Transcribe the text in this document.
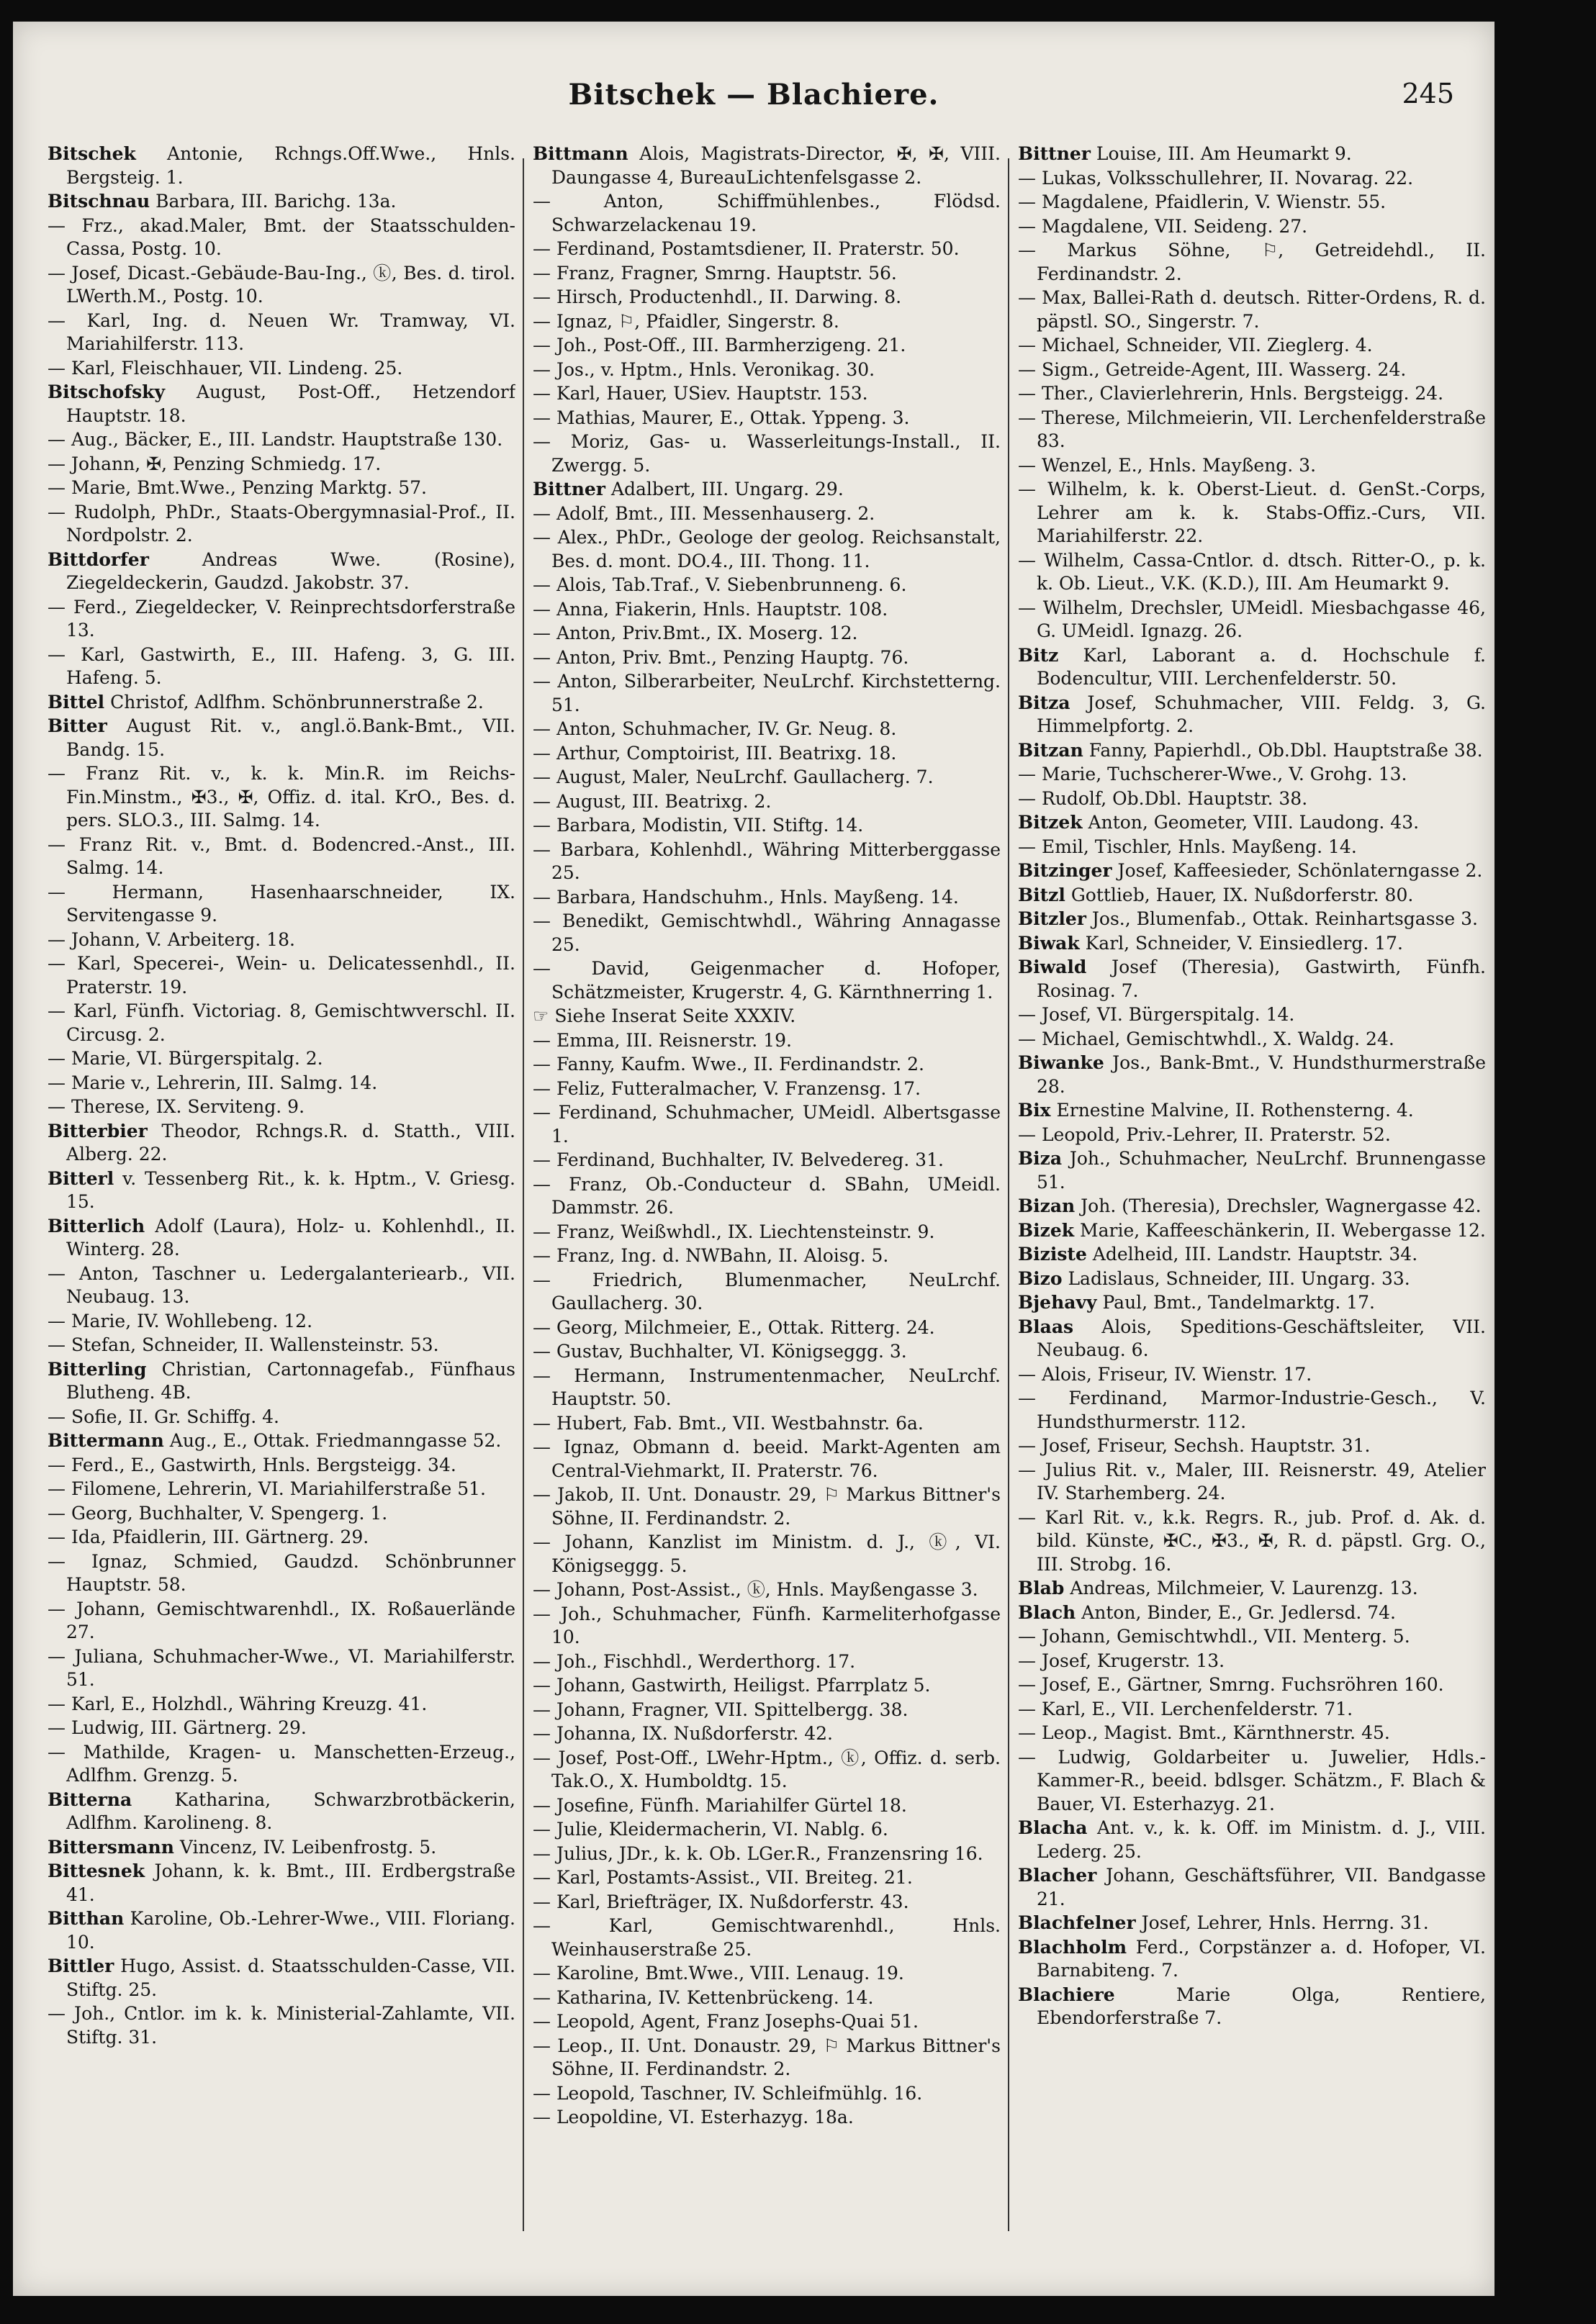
Bitschek — Blachiere.	245

Bitschek Antonie, Rchngs.Off.Wwe., Hnls. Bergsteig. 1.

Bitschnau Barbara, III. Barichg. 13a.

— Frz., akad.Maler, Bmt. der Staatsschulden-Cassa, Postg. 10.

— Josef, Dicast.-Gebäude-Bau-Ing., ⓚ, Bes. d. tirol. LWerth.M., Postg. 10.

— Karl, Ing. d. Neuen Wr. Tramway, VI. Mariahilferstr. 113.

— Karl, Fleischhauer, VII. Lindeng. 25.

Bitschofsky August, Post-Off., Hetzendorf Hauptstr. 18.

— Aug., Bäcker, E., III. Landstr. Hauptstraße 130.

— Johann, ✠, Penzing Schmiedg. 17.

— Marie, Bmt.Wwe., Penzing Marktg. 57.

— Rudolph, PhDr., Staats-Obergymnasial-Prof., II. Nordpolstr. 2.

Bittdorfer Andreas Wwe. (Rosine), Ziegeldeckerin, Gaudzd. Jakobstr. 37.

— Ferd., Ziegeldecker, V. Reinprechtsdorferstraße 13.

— Karl, Gastwirth, E., III. Hafeng. 3, G. III. Hafeng. 5.

Bittel Christof, Adlfhm. Schönbrunnerstraße 2.

Bitter August Rit. v., angl.ö.Bank-Bmt., VII. Bandg. 15.

— Franz Rit. v., k. k. Min.R. im Reichs-Fin.Minstm., ✠3., ✠, Offiz. d. ital. KrO., Bes. d. pers. SLO.3., III. Salmg. 14.

— Franz Rit. v., Bmt. d. Bodencred.-Anst., III. Salmg. 14.

— Hermann, Hasenhaarschneider, IX. Servitengasse 9.

— Johann, V. Arbeiterg. 18.

— Karl, Specerei-, Wein- u. Delicatessenhdl., II. Praterstr. 19.

— Karl, Fünfh. Victoriag. 8, Gemischtwverschl. II. Circusg. 2.

— Marie, VI. Bürgerspitalg. 2.

— Marie v., Lehrerin, III. Salmg. 14.

— Therese, IX. Serviteng. 9.

Bitterbier Theodor, Rchngs.R. d. Statth., VIII. Alberg. 22.

Bitterl v. Tessenberg Rit., k. k. Hptm., V. Griesg. 15.

Bitterlich Adolf (Laura), Holz- u. Kohlenhdl., II. Winterg. 28.

— Anton, Taschner u. Ledergalanteriearb., VII. Neubaug. 13.

— Marie, IV. Wohllebeng. 12.

— Stefan, Schneider, II. Wallensteinstr. 53.

Bitterling Christian, Cartonnagefab., Fünfhaus Blutheng. 4B.

— Sofie, II. Gr. Schiffg. 4.

Bittermann Aug., E., Ottak. Friedmanngasse 52.

— Ferd., E., Gastwirth, Hnls. Bergsteigg. 34.

— Filomene, Lehrerin, VI. Mariahilferstraße 51.

— Georg, Buchhalter, V. Spengerg. 1.

— Ida, Pfaidlerin, III. Gärtnerg. 29.

— Ignaz, Schmied, Gaudzd. Schönbrunner Hauptstr. 58.

— Johann, Gemischtwarenhdl., IX. Roßauerlände 27.

— Juliana, Schuhmacher-Wwe., VI. Mariahilferstr. 51.

— Karl, E., Holzhdl., Währing Kreuzg. 41.

— Ludwig, III. Gärtnerg. 29.

— Mathilde, Kragen- u. Manschetten-Erzeug., Adlfhm. Grenzg. 5.

Bitterna Katharina, Schwarzbrotbäckerin, Adlfhm. Karolineng. 8.

Bittersmann Vincenz, IV. Leibenfrostg. 5.

Bittesnek Johann, k. k. Bmt., III. Erdbergstraße 41.

Bitthan Karoline, Ob.-Lehrer-Wwe., VIII. Floriang. 10.

Bittler Hugo, Assist. d. Staatsschulden-Casse, VII. Stiftg. 25.

— Joh., Cntlor. im k. k. Ministerial-Zahlamte, VII. Stiftg. 31.

Bittmann Alois, Magistrats-Director, ✠, ✠, VIII. Daungasse 4, BureauLichtenfelsgasse 2.

— Anton, Schiffmühlenbes., Flödsd. Schwarzelackenau 19.

— Ferdinand, Postamtsdiener, II. Praterstr. 50.

— Franz, Fragner, Smrng. Hauptstr. 56.

— Hirsch, Productenhdl., II. Darwing. 8.

— Ignaz, ⚐, Pfaidler, Singerstr. 8.

— Joh., Post-Off., III. Barmherzigeng. 21.

— Jos., v. Hptm., Hnls. Veronikag. 30.

— Karl, Hauer, USiev. Hauptstr. 153.

— Mathias, Maurer, E., Ottak. Yppeng. 3.

— Moriz, Gas- u. Wasserleitungs-Install., II. Zwergg. 5.

Bittner Adalbert, III. Ungarg. 29.

— Adolf, Bmt., III. Messenhauserg. 2.

— Alex., PhDr., Geologe der geolog. Reichsanstalt, Bes. d. mont. DO.4., III. Thong. 11.

— Alois, Tab.Traf., V. Siebenbrunneng. 6.

— Anna, Fiakerin, Hnls. Hauptstr. 108.

— Anton, Priv.Bmt., IX. Moserg. 12.

— Anton, Priv. Bmt., Penzing Hauptg. 76.

— Anton, Silberarbeiter, NeuLrchf. Kirchstetterng. 51.

— Anton, Schuhmacher, IV. Gr. Neug. 8.

— Arthur, Comptoirist, III. Beatrixg. 18.

— August, Maler, NeuLrchf. Gaullacherg. 7.

— August, III. Beatrixg. 2.

— Barbara, Modistin, VII. Stiftg. 14.

— Barbara, Kohlenhdl., Währing Mitterberggasse 25.

— Barbara, Handschuhm., Hnls. Mayßeng. 14.

— Benedikt, Gemischtwhdl., Währing Annagasse 25.

— David, Geigenmacher d. Hofoper, Schätzmeister, Krugerstr. 4, G. Kärnthnerring 1.

☞ Siehe Inserat Seite XXXIV.

— Emma, III. Reisnerstr. 19.

— Fanny, Kaufm. Wwe., II. Ferdinandstr. 2.

— Feliz, Futteralmacher, V. Franzensg. 17.

— Ferdinand, Schuhmacher, UMeidl. Albertsgasse 1.

— Ferdinand, Buchhalter, IV. Belvedereg. 31.

— Franz, Ob.-Conducteur d. SBahn, UMeidl. Dammstr. 26.

— Franz, Weißwhdl., IX. Liechtensteinstr. 9.

— Franz, Ing. d. NWBahn, II. Aloisg. 5.

— Friedrich, Blumenmacher, NeuLrchf. Gaullacherg. 30.

— Georg, Milchmeier, E., Ottak. Ritterg. 24.

— Gustav, Buchhalter, VI. Königseggg. 3.

— Hermann, Instrumentenmacher, NeuLrchf. Hauptstr. 50.

— Hubert, Fab. Bmt., VII. Westbahnstr. 6a.

— Ignaz, Obmann d. beeid. Markt-Agenten am Central-Viehmarkt, II. Praterstr. 76.

— Jakob, II. Unt. Donaustr. 29, ⚐ Markus Bittner's Söhne, II. Ferdinandstr. 2.

— Johann, Kanzlist im Ministm. d. J., ⓚ, VI. Königseggg. 5.

— Johann, Post-Assist., ⓚ, Hnls. Mayßengasse 3.

— Joh., Schuhmacher, Fünfh. Karmeliterhofgasse 10.

— Joh., Fischhdl., Werderthorg. 17.

— Johann, Gastwirth, Heiligst. Pfarrplatz 5.

— Johann, Fragner, VII. Spittelbergg. 38.

— Johanna, IX. Nußdorferstr. 42.

— Josef, Post-Off., LWehr-Hptm., ⓚ, Offiz. d. serb. Tak.O., X. Humboldtg. 15.

— Josefine, Fünfh. Mariahilfer Gürtel 18.

— Julie, Kleidermacherin, VI. Nablg. 6.

— Julius, JDr., k. k. Ob. LGer.R., Franzensring 16.

— Karl, Postamts-Assist., VII. Breiteg. 21.

— Karl, Briefträger, IX. Nußdorferstr. 43.

— Karl, Gemischtwarenhdl., Hnls. Weinhauserstraße 25.

— Karoline, Bmt.Wwe., VIII. Lenaug. 19.

— Katharina, IV. Kettenbrückeng. 14.

— Leopold, Agent, Franz Josephs-Quai 51.

— Leop., II. Unt. Donaustr. 29, ⚐ Markus Bittner's Söhne, II. Ferdinandstr. 2.

— Leopold, Taschner, IV. Schleifmühlg. 16.

— Leopoldine, VI. Esterhazyg. 18a.

Bittner Louise, III. Am Heumarkt 9.

— Lukas, Volksschullehrer, II. Novarag. 22.

— Magdalene, Pfaidlerin, V. Wienstr. 55.

— Magdalene, VII. Seideng. 27.

— Markus Söhne, ⚐, Getreidehdl., II. Ferdinandstr. 2.

— Max, Ballei-Rath d. deutsch. Ritter-Ordens, R. d. päpstl. SO., Singerstr. 7.

— Michael, Schneider, VII. Zieglerg. 4.

— Sigm., Getreide-Agent, III. Wasserg. 24.

— Ther., Clavierlehrerin, Hnls. Bergsteigg. 24.

— Therese, Milchmeierin, VII. Lerchenfelderstraße 83.

— Wenzel, E., Hnls. Mayßeng. 3.

— Wilhelm, k. k. Oberst-Lieut. d. GenSt.-Corps, Lehrer am k. k. Stabs-Offiz.-Curs, VII. Mariahilferstr. 22.

— Wilhelm, Cassa-Cntlor. d. dtsch. Ritter-O., p. k. k. Ob. Lieut., V.K. (K.D.), III. Am Heumarkt 9.

— Wilhelm, Drechsler, UMeidl. Miesbachgasse 46, G. UMeidl. Ignazg. 26.

Bitz Karl, Laborant a. d. Hochschule f. Bodencultur, VIII. Lerchenfelderstr. 50.

Bitza Josef, Schuhmacher, VIII. Feldg. 3, G. Himmelpfortg. 2.

Bitzan Fanny, Papierhdl., Ob.Dbl. Hauptstraße 38.

— Marie, Tuchscherer-Wwe., V. Grohg. 13.

— Rudolf, Ob.Dbl. Hauptstr. 38.

Bitzek Anton, Geometer, VIII. Laudong. 43.

— Emil, Tischler, Hnls. Mayßeng. 14.

Bitzinger Josef, Kaffeesieder, Schönlaterngasse 2.

Bitzl Gottlieb, Hauer, IX. Nußdorferstr. 80.

Bitzler Jos., Blumenfab., Ottak. Reinhartsgasse 3.

Biwak Karl, Schneider, V. Einsiedlerg. 17.

Biwald Josef (Theresia), Gastwirth, Fünfh. Rosinag. 7.

— Josef, VI. Bürgerspitalg. 14.

— Michael, Gemischtwhdl., X. Waldg. 24.

Biwanke Jos., Bank-Bmt., V. Hundsthurmerstraße 28.

Bix Ernestine Malvine, II. Rothensterng. 4.

— Leopold, Priv.-Lehrer, II. Praterstr. 52.

Biza Joh., Schuhmacher, NeuLrchf. Brunnengasse 51.

Bizan Joh. (Theresia), Drechsler, Wagnergasse 42.

Bizek Marie, Kaffeeschänkerin, II. Webergasse 12.

Biziste Adelheid, III. Landstr. Hauptstr. 34.

Bizo Ladislaus, Schneider, III. Ungarg. 33.

Bjehavy Paul, Bmt., Tandelmarktg. 17.

Blaas Alois, Speditions-Geschäftsleiter, VII. Neubaug. 6.

— Alois, Friseur, IV. Wienstr. 17.

— Ferdinand, Marmor-Industrie-Gesch., V. Hundsthurmerstr. 112.

— Josef, Friseur, Sechsh. Hauptstr. 31.

— Julius Rit. v., Maler, III. Reisnerstr. 49, Atelier IV. Starhemberg. 24.

— Karl Rit. v., k.k. Regrs. R., jub. Prof. d. Ak. d. bild. Künste, ✠C., ✠3., ✠, R. d. päpstl. Grg. O., III. Strobg. 16.

Blab Andreas, Milchmeier, V. Laurenzg. 13.

Blach Anton, Binder, E., Gr. Jedlersd. 74.

— Johann, Gemischtwhdl., VII. Menterg. 5.

— Josef, Krugerstr. 13.

— Josef, E., Gärtner, Smrng. Fuchsröhren 160.

— Karl, E., VII. Lerchenfelderstr. 71.

— Leop., Magist. Bmt., Kärnthnerstr. 45.

— Ludwig, Goldarbeiter u. Juwelier, Hdls.-Kammer-R., beeid. bdlsger. Schätzm., F. Blach & Bauer, VI. Esterhazyg. 21.

Blacha Ant. v., k. k. Off. im Ministm. d. J., VIII. Lederg. 25.

Blacher Johann, Geschäftsführer, VII. Bandgasse 21.

Blachfelner Josef, Lehrer, Hnls. Herrng. 31.

Blachholm Ferd., Corpstänzer a. d. Hofoper, VI. Barnabiteng. 7.

Blachiere Marie Olga, Rentiere, Ebendorferstraße 7.
